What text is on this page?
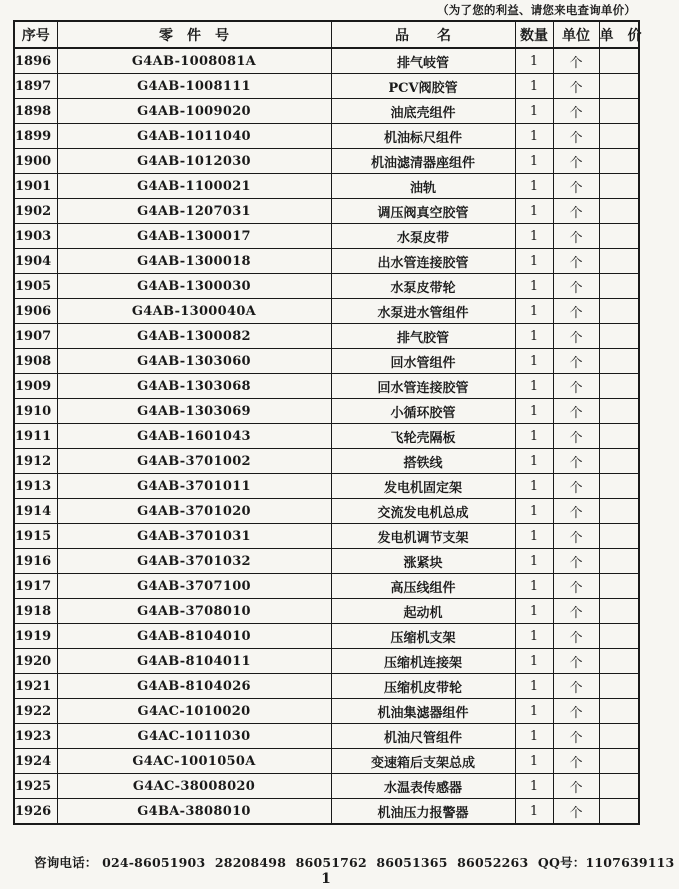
（为了您的利益、请您来电查询单价）
序号	零　件　号	品　　名	数量	单位	单　价
1896	G4AB-1008081A	排气岐管	1	个	
1897	G4AB-1008111	PCV阀胶管	1	个	
1898	G4AB-1009020	油底壳组件	1	个	
1899	G4AB-1011040	机油标尺组件	1	个	
1900	G4AB-1012030	机油滤清器座组件	1	个	
1901	G4AB-1100021	油轨	1	个	
1902	G4AB-1207031	调压阀真空胶管	1	个	
1903	G4AB-1300017	水泵皮带	1	个	
1904	G4AB-1300018	出水管连接胶管	1	个	
1905	G4AB-1300030	水泵皮带轮	1	个	
1906	G4AB-1300040A	水泵进水管组件	1	个	
1907	G4AB-1300082	排气胶管	1	个	
1908	G4AB-1303060	回水管组件	1	个	
1909	G4AB-1303068	回水管连接胶管	1	个	
1910	G4AB-1303069	小循环胶管	1	个	
1911	G4AB-1601043	飞轮壳隔板	1	个	
1912	G4AB-3701002	搭铁线	1	个	
1913	G4AB-3701011	发电机固定架	1	个	
1914	G4AB-3701020	交流发电机总成	1	个	
1915	G4AB-3701031	发电机调节支架	1	个	
1916	G4AB-3701032	涨紧块	1	个	
1917	G4AB-3707100	高压线组件	1	个	
1918	G4AB-3708010	起动机	1	个	
1919	G4AB-8104010	压缩机支架	1	个	
1920	G4AB-8104011	压缩机连接架	1	个	
1921	G4AB-8104026	压缩机皮带轮	1	个	
1922	G4AC-1010020	机油集滤器组件	1	个	
1923	G4AC-1011030	机油尺管组件	1	个	
1924	G4AC-1001050A	变速箱后支架总成	1	个	
1925	G4AC-38008020	水温表传感器	1	个	
1926	G4BA-3808010	机油压力报警器	1	个	
咨询电话： 024-86051903 28208498 86051762 86051365 86052263 QQ号：1107639113
1
